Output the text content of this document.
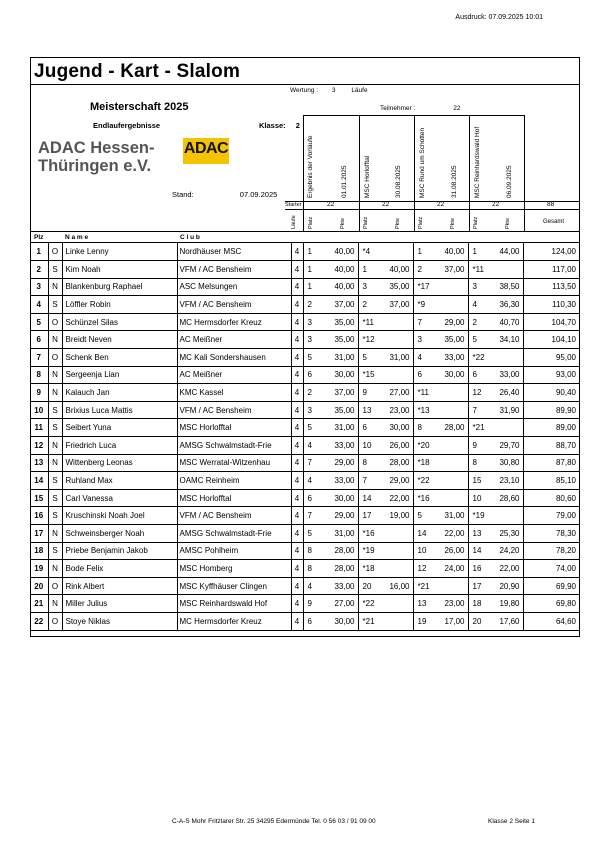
Ausdruck: 07.09.2025 10:01
Jugend - Kart - Slalom
Wertung : 3 Läufe
Meisterschaft 2025	Teilnehmer :	22
Endlaufergebnisse	Klasse: 2
ADAC Hessen-
Thüringen e.V.
ADAC
Stand:	07.09.2025	Ergebnis der Vorläufe	01.01.2025 MSC Horlofftal	30.08.2025	MSC Rund um Schotten	31.08.2025 MSC Reinhardswald Hof	06.09.2025
Starter	22	22	22	22	88
Läufe Platz	Pkte	Platz	Pkte	Platz	Pkte	Platz	Pkte	Gesamt
Plz	N a m e	C l u b
1	O	Linke Lenny	Nordhäuser MSC	4	1	40,00	*4		1	40,00	1	44,00	124,00
2	S	Kim Noah	VFM / AC Bensheim	4	1	40,00	1	40,00	2	37,00	*11		117,00
3	N	Blankenburg Raphael	ASC Melsungen	4	1	40,00	3	35,00	*17		3	38,50	113,50
4	S	Löffler Robin	VFM / AC Bensheim	4	2	37,00	2	37,00	*9		4	36,30	110,30
5	O	Schünzel Silas	MC Hermsdorfer Kreuz	4	3	35,00	*11		7	29,00	2	40,70	104,70
6	N	Breidt Neven	AC Meißner	4	3	35,00	*12		3	35,00	5	34,10	104,10
7	O	Schenk Ben	MC Kali Sondershausen	4	5	31,00	5	31,00	4	33,00	*22		95,00
8	N	Sergeenja Lian	AC Meißner	4	6	30,00	*15		6	30,00	6	33,00	93,00
9	N	Kalauch Jan	KMC Kassel	4	2	37,00	9	27,00	*11		12	26,40	90,40
10	S	Brixius Luca Mattis	VFM / AC Bensheim	4	3	35,00	13	23,00	*13		7	31,90	89,90
11	S	Seibert Yuna	MSC Horlofftal	4	5	31,00	6	30,00	8	28,00	*21		89,00
12	N	Friedrich Luca	AMSG Schwalmstadt-Frie	4	4	33,00	10	26,00	*20		9	29,70	88,70
13	N	Wittenberg Leonas	MSC Werratal-Witzenhau	4	7	29,00	8	28,00	*18		8	30,80	87,80
14	S	Ruhland Max	OAMC Reinheim	4	4	33,00	7	29,00	*22		15	23,10	85,10
15	S	Carl Vanessa	MSC Horlofftal	4	6	30,00	14	22,00	*16		10	28,60	80,60
16	S	Kruschinski Noah Joel	VFM / AC Bensheim	4	7	29,00	17	19,00	5	31,00	*19		79,00
17	N	Schweinsberger Noah	AMSG Schwalmstadt-Frie	4	5	31,00	*16		14	22,00	13	25,30	78,30
18	S	Priebe Benjamin Jakob	AMSC Pohlheim	4	8	28,00	*19		10	26,00	14	24,20	78,20
19	N	Bode Felix	MSC Homberg	4	8	28,00	*18		12	24,00	16	22,00	74,00
20	O	Rink Albert	MSC Kyffhäuser Clingen	4	4	33,00	20	16,00	*21		17	20,90	69,90
21	N	Miller Julius	MSC Reinhardswald Hof	4	9	27,00	*22		13	23,00	18	19,80	69,80
22	O	Stoye Niklas	MC Hermsdorfer Kreuz	4	6	30,00	*21		19	17,00	20	17,60	64,60
C-A-S Mohr Fritzlarer Str. 25 34295 Edermünde Tel. 0 56 03 / 91 09 00	Klasse 2 Seite 1
